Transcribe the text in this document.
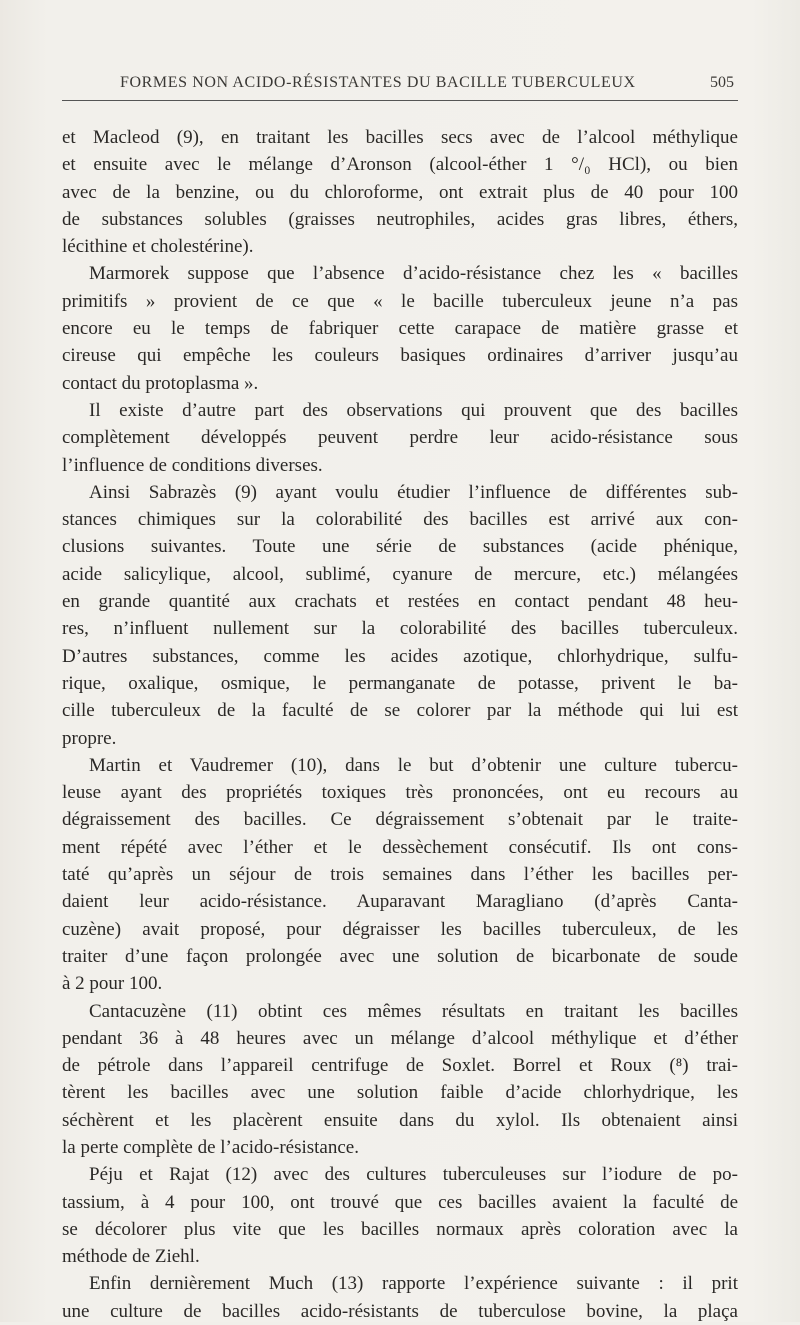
FORMES NON ACIDO-RÉSISTANTES DU BACILLE TUBERCULEUX	505
et Macleod (9), en traitant les bacilles secs avec de l’alcool méthylique
et ensuite avec le mélange d’Aronson (alcool-éther 1 °/₀ HCl), ou bien
avec de la benzine, ou du chloroforme, ont extrait plus de 40 pour 100
de substances solubles (graisses neutrophiles, acides gras libres, éthers,
lécithine et cholestérine).
Marmorek suppose que l’absence d’acido-résistance chez les « bacilles
primitifs » provient de ce que « le bacille tuberculeux jeune n’a pas
encore eu le temps de fabriquer cette carapace de matière grasse et
cireuse qui empêche les couleurs basiques ordinaires d’arriver jusqu’au
contact du protoplasma ».
Il existe d’autre part des observations qui prouvent que des bacilles
complètement développés peuvent perdre leur acido-résistance sous
l’influence de conditions diverses.
Ainsi Sabrazès (9) ayant voulu étudier l’influence de différentes sub-
stances chimiques sur la colorabilité des bacilles est arrivé aux con-
clusions suivantes. Toute une série de substances (acide phénique,
acide salicylique, alcool, sublimé, cyanure de mercure, etc.) mélangées
en grande quantité aux crachats et restées en contact pendant 48 heu-
res, n’influent nullement sur la colorabilité des bacilles tuberculeux.
D’autres substances, comme les acides azotique, chlorhydrique, sulfu-
rique, oxalique, osmique, le permanganate de potasse, privent le ba-
cille tuberculeux de la faculté de se colorer par la méthode qui lui est
propre.
Martin et Vaudremer (10), dans le but d’obtenir une culture tubercu-
leuse ayant des propriétés toxiques très prononcées, ont eu recours au
dégraissement des bacilles. Ce dégraissement s’obtenait par le traite-
ment répété avec l’éther et le dessèchement consécutif. Ils ont cons-
taté qu’après un séjour de trois semaines dans l’éther les bacilles per-
daient leur acido-résistance. Auparavant Maragliano (d’après Canta-
cuzène) avait proposé, pour dégraisser les bacilles tuberculeux, de les
traiter d’une façon prolongée avec une solution de bicarbonate de soude
à 2 pour 100.
Cantacuzène (11) obtint ces mêmes résultats en traitant les bacilles
pendant 36 à 48 heures avec un mélange d’alcool méthylique et d’éther
de pétrole dans l’appareil centrifuge de Soxlet. Borrel et Roux (⁸) trai-
tèrent les bacilles avec une solution faible d’acide chlorhydrique, les
séchèrent et les placèrent ensuite dans du xylol. Ils obtenaient ainsi
la perte complète de l’acido-résistance.
Péju et Rajat (12) avec des cultures tuberculeuses sur l’iodure de po-
tassium, à 4 pour 100, ont trouvé que ces bacilles avaient la faculté de
se décolorer plus vite que les bacilles normaux après coloration avec la
méthode de Ziehl.
Enfin dernièrement Much (13) rapporte l’expérience suivante : il prit
une culture de bacilles acido-résistants de tuberculose bovine, la plaça
